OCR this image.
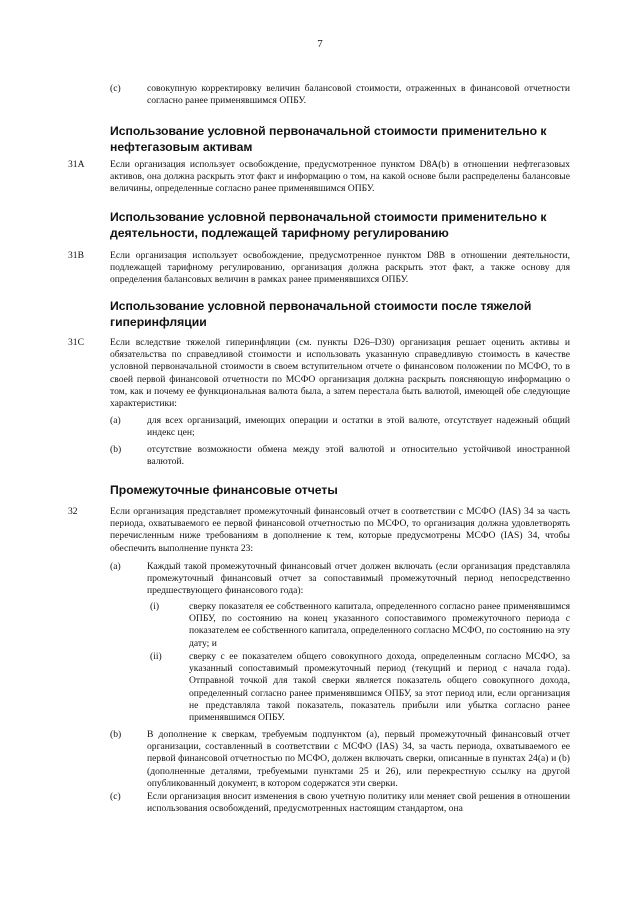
7
(c)	совокупную корректировку величин балансовой стоимости, отраженных в финансовой отчетности согласно ранее применявшимся ОПБУ.

Использование условной первоначальной стоимости применительно к нефтегазовым активам
31A	Если организация использует освобождение, предусмотренное пунктом D8A(b) в отношении нефтегазовых активов, она должна раскрыть этот факт и информацию о том, на какой основе были распределены балансовые величины, определенные согласно ранее применявшимся ОПБУ.

Использование условной первоначальной стоимости применительно к деятельности, подлежащей тарифному регулированию
31B	Если организация использует освобождение, предусмотренное пунктом D8B в отношении деятельности, подлежащей тарифному регулированию, организация должна раскрыть этот факт, а также основу для определения балансовых величин в рамках ранее применявшихся ОПБУ.

Использование условной первоначальной стоимости после тяжелой гиперинфляции
31C	Если вследствие тяжелой гиперинфляции (см. пункты D26–D30) организация решает оценить активы и обязательства по справедливой стоимости и использовать указанную справедливую стоимость в качестве условной первоначальной стоимости в своем вступительном отчете о финансовом положении по МСФО, то в своей первой финансовой отчетности по МСФО организация должна раскрыть поясняющую информацию о том, как и почему ее функциональная валюта была, а затем перестала быть валютой, имеющей обе следующие характеристики:

(a)	для всех организаций, имеющих операции и остатки в этой валюте, отсутствует надежный общий индекс цен;

(b)	отсутствие возможности обмена между этой валютой и относительно устойчивой иностранной валютой.

Промежуточные финансовые отчеты
32	Если организация представляет промежуточный финансовый отчет в соответствии с МСФО (IAS) 34 за часть периода, охватываемого ее первой финансовой отчетностью по МСФО, то организация должна удовлетворять перечисленным ниже требованиям в дополнение к тем, которые предусмотрены МСФО (IAS) 34, чтобы обеспечить выполнение пункта 23:

(a)	Каждый такой промежуточный финансовый отчет должен включать (если организация представляла промежуточный финансовый отчет за сопоставимый промежуточный период непосредственно предшествующего финансового года):

(i)	сверку показателя ее собственного капитала, определенного согласно ранее применявшимся ОПБУ, по состоянию на конец указанного сопоставимого промежуточного периода с показателем ее собственного капитала, определенного согласно МСФО, по состоянию на эту дату; и

(ii)	сверку с ее показателем общего совокупного дохода, определенным согласно МСФО, за указанный сопоставимый промежуточный период (текущий и период с начала года). Отправной точкой для такой сверки является показатель общего совокупного дохода, определенный согласно ранее применявшимся ОПБУ, за этот период или, если организация не представляла такой показатель, показатель прибыли или убытка согласно ранее применявшимся ОПБУ.

(b)	В дополнение к сверкам, требуемым подпунктом (a), первый промежуточный финансовый отчет организации, составленный в соответствии с МСФО (IAS) 34, за часть периода, охватываемого ее первой финансовой отчетностью по МСФО, должен включать сверки, описанные в пунктах 24(a) и (b) (дополненные деталями, требуемыми пунктами 25 и 26), или перекрестную ссылку на другой опубликованный документ, в котором содержатся эти сверки.

(c)	Если организация вносит изменения в свою учетную политику или меняет свой решения в отношении использования освобождений, предусмотренных настоящим стандартом, она
